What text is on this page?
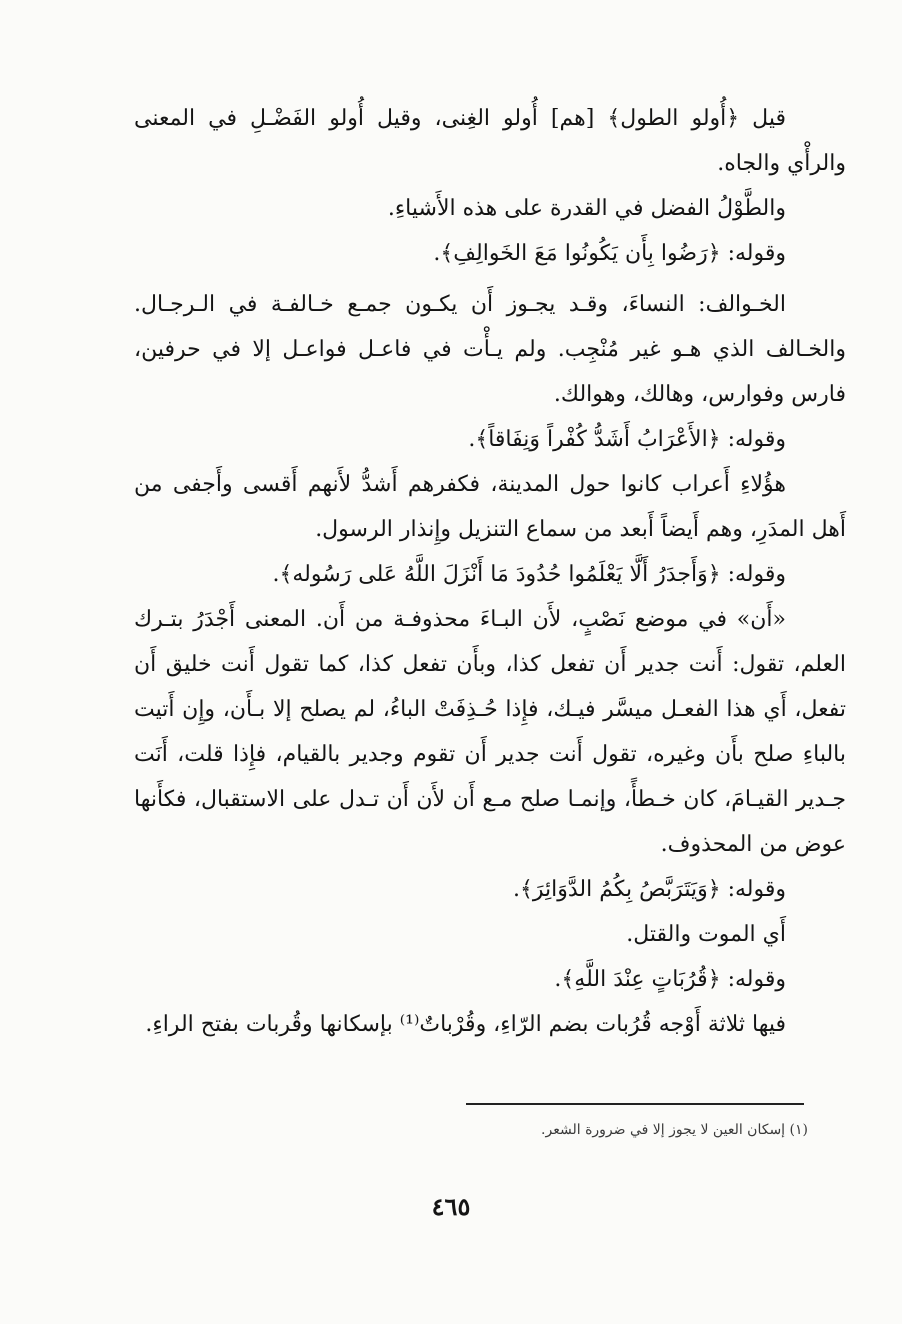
قيل ﴿أُولو الطول﴾ [هم] أُولو الغِنى، وقيل أُولو الفَضْـلِ في المعنى والرأْي والجاه.

والطَّوْلُ الفضل في القدرة على هذه الأَشياءِ.

وقوله: ﴿رَضُوا بِأَن يَكُونُوا مَعَ الخَوالِفِ﴾.

الخـوالف: النساءَ، وقـد يجـوز أَن يكـون جمـع خـالفـة في الـرجـال. والخـالف الذي هـو غير مُنْجِب. ولم يـأْت في فاعـل فواعـل إلا في حرفين، فارس وفوارس، وهالك، وهوالك.

وقوله: ﴿الأَعْرَابُ أَشَدُّ كُفْراً وَنِفَاقاً﴾.

هؤُلاءِ أَعراب كانوا حول المدينة، فكفرهم أَشدُّ لأَنهم أَقسى وأَجفى من أَهل المدَرِ، وهم أَيضاً أَبعد من سماع التنزيل وإِنذار الرسول.

وقوله: ﴿وَأَجدَرُ أَلَّا يَعْلَمُوا حُدُودَ مَا أَنْزَلَ اللَّهُ عَلى رَسُوله﴾.

«أَن» في موضع نَصْبٍ، لأَن البـاءَ محذوفـة من أَن. المعنى أَجْدَرُ بتـرك العلم، تقول: أَنت جدير أَن تفعل كذا، وبأَن تفعل كذا، كما تقول أَنت خليق أَن تفعل، أَي هذا الفعـل ميسَّر فيـك، فإِذا حُـذِفَتْ الباءُ، لم يصلح إلا بـأَن، وإِن أَتيت بالباءِ صلح بأَن وغيره، تقول أَنت جدير أَن تقوم وجدير بالقيام، فإِذا قلت، أَنَت جـدير القيـامَ، كان خـطأً، وإنمـا صلح مـع أَن لأَن أَن تـدل على الاستقبال، فكأَنها عوض من المحذوف.

وقوله: ﴿وَيَتَرَبَّصُ بِكُمُ الدَّوَائِرَ﴾.

أَي الموت والقتل.

وقوله: ﴿قُرُبَاتٍ عِنْدَ اللَّهِ﴾.

فيها ثلاثة أَوْجه قُرُبات بضم الرّاءِ، وقُرْباتٌ⁽¹⁾ بإسكانها وقُربات بفتح الراءِ.

(١) إسكان العين لا يجوز إلا في ضرورة الشعر.
٤٦٥
